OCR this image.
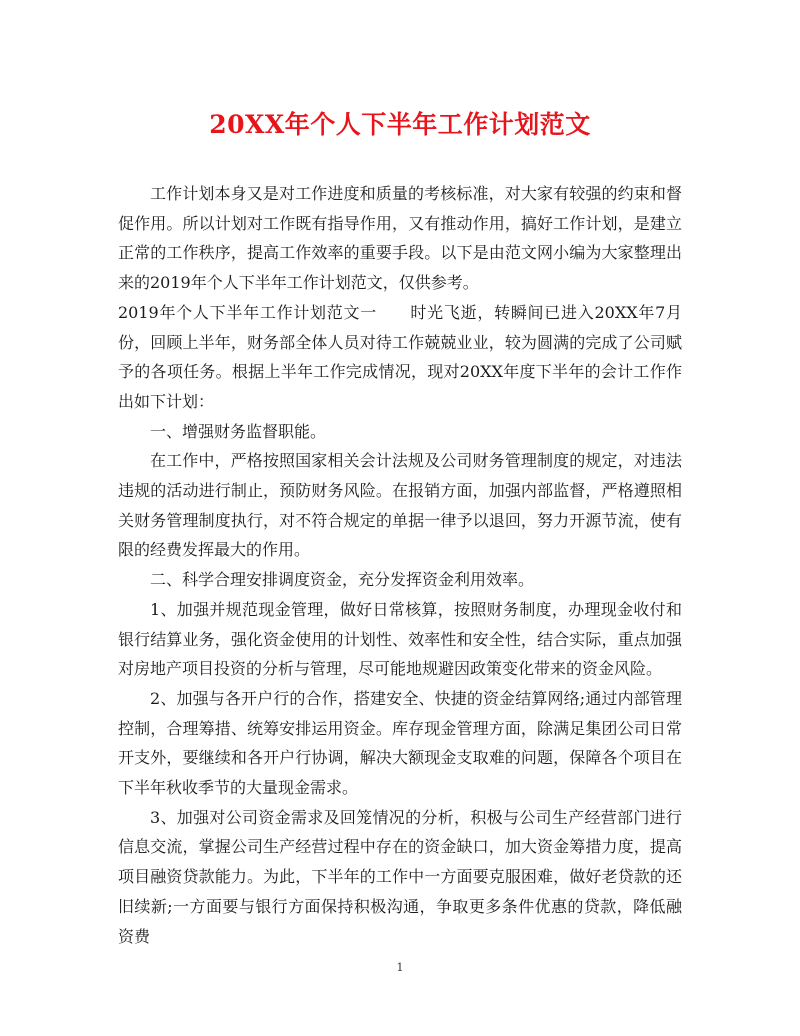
20XX年个人下半年工作计划范文

工作计划本身又是对工作进度和质量的考核标准，对大家有较强的约束和督促作用。所以计划对工作既有指导作用，又有推动作用，搞好工作计划，是建立正常的工作秩序，提高工作效率的重要手段。以下是由范文网小编为大家整理出来的2019年个人下半年工作计划范文，仅供参考。

2019年个人下半年工作计划范文一　　时光飞逝，转瞬间已进入20XX年7月份，回顾上半年，财务部全体人员对待工作兢兢业业，较为圆满的完成了公司赋予的各项任务。根据上半年工作完成情况，现对20XX年度下半年的会计工作作出如下计划：

一、增强财务监督职能。

在工作中，严格按照国家相关会计法规及公司财务管理制度的规定，对违法违规的活动进行制止，预防财务风险。在报销方面，加强内部监督，严格遵照相关财务管理制度执行，对不符合规定的单据一律予以退回，努力开源节流，使有限的经费发挥最大的作用。

二、科学合理安排调度资金，充分发挥资金利用效率。

1、加强并规范现金管理，做好日常核算，按照财务制度，办理现金收付和银行结算业务，强化资金使用的计划性、效率性和安全性，结合实际，重点加强对房地产项目投资的分析与管理，尽可能地规避因政策变化带来的资金风险。

2、加强与各开户行的合作，搭建安全、快捷的资金结算网络;通过内部管理控制，合理筹措、统筹安排运用资金。库存现金管理方面，除满足集团公司日常开支外，要继续和各开户行协调，解决大额现金支取难的问题，保障各个项目在下半年秋收季节的大量现金需求。

3、加强对公司资金需求及回笼情况的分析，积极与公司生产经营部门进行信息交流，掌握公司生产经营过程中存在的资金缺口，加大资金筹措力度，提高项目融资贷款能力。为此，下半年的工作中一方面要克服困难，做好老贷款的还旧续新;一方面要与银行方面保持积极沟通，争取更多条件优惠的贷款，降低融资费

1
